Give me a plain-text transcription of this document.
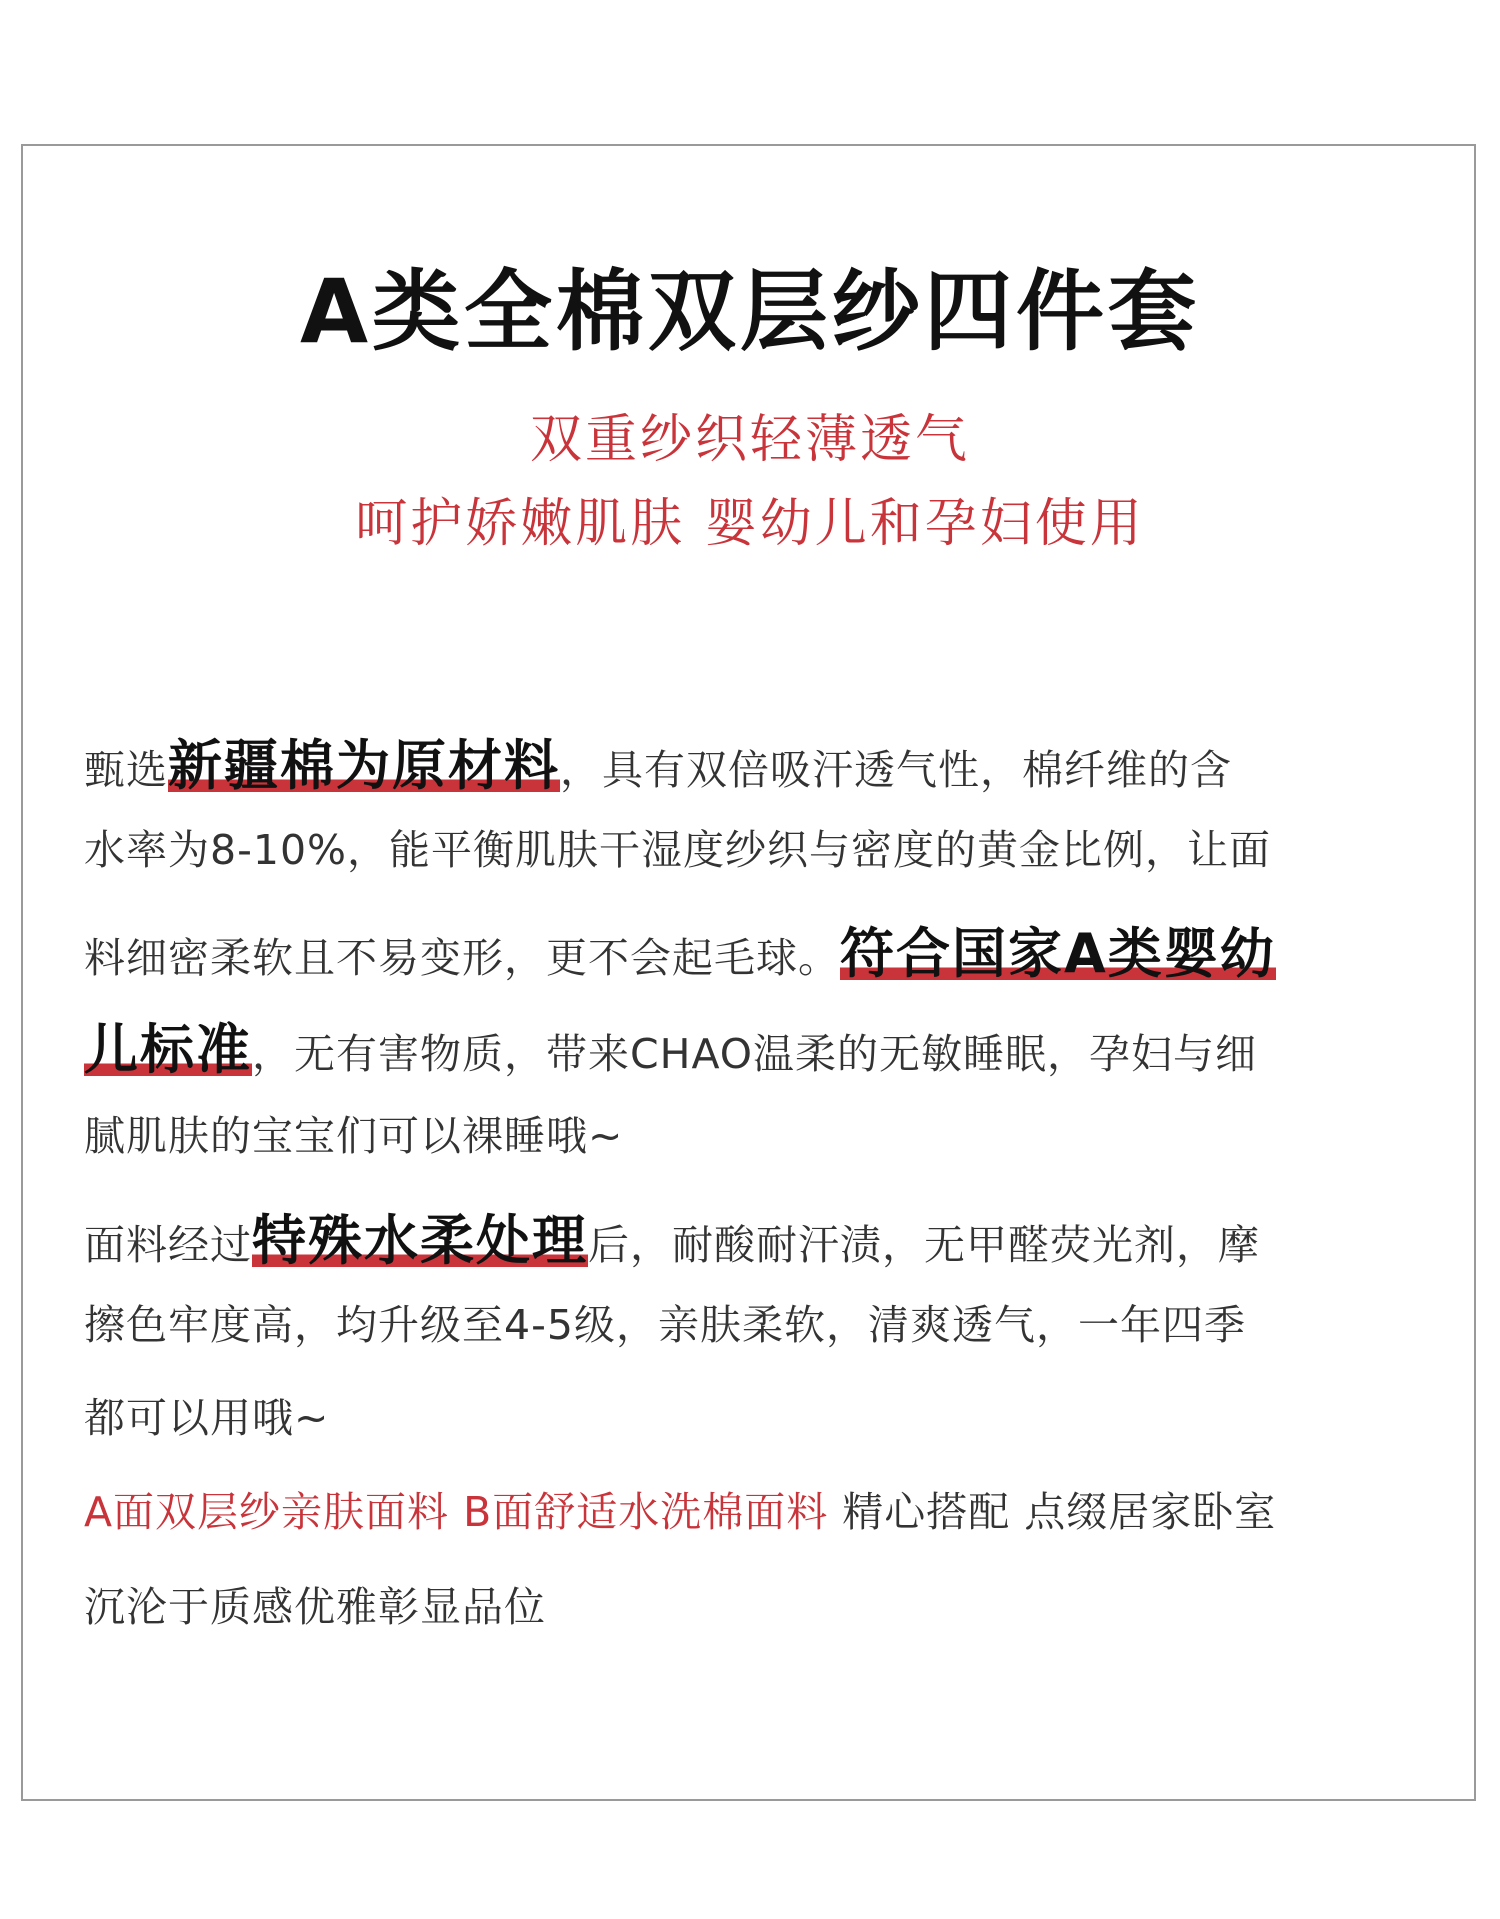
A类全棉双层纱四件套
双重纱织轻薄透气
呵护娇嫩肌肤 婴幼儿和孕妇使用
甄选新疆棉为原材料，具有双倍吸汗透气性，棉纤维的含
水率为8-10%，能平衡肌肤干湿度纱织与密度的黄金比例，让面
料细密柔软且不易变形，更不会起毛球。符合国家A类婴幼
儿标准，无有害物质，带来CHAO温柔的无敏睡眠，孕妇与细
腻肌肤的宝宝们可以裸睡哦~
面料经过特殊水柔处理后，耐酸耐汗渍，无甲醛荧光剂，摩
擦色牢度高，均升级至4-5级，亲肤柔软，清爽透气，一年四季
都可以用哦~
A面双层纱亲肤面料 B面舒适水洗棉面料 精心搭配 点缀居家卧室
沉沦于质感优雅彰显品位
